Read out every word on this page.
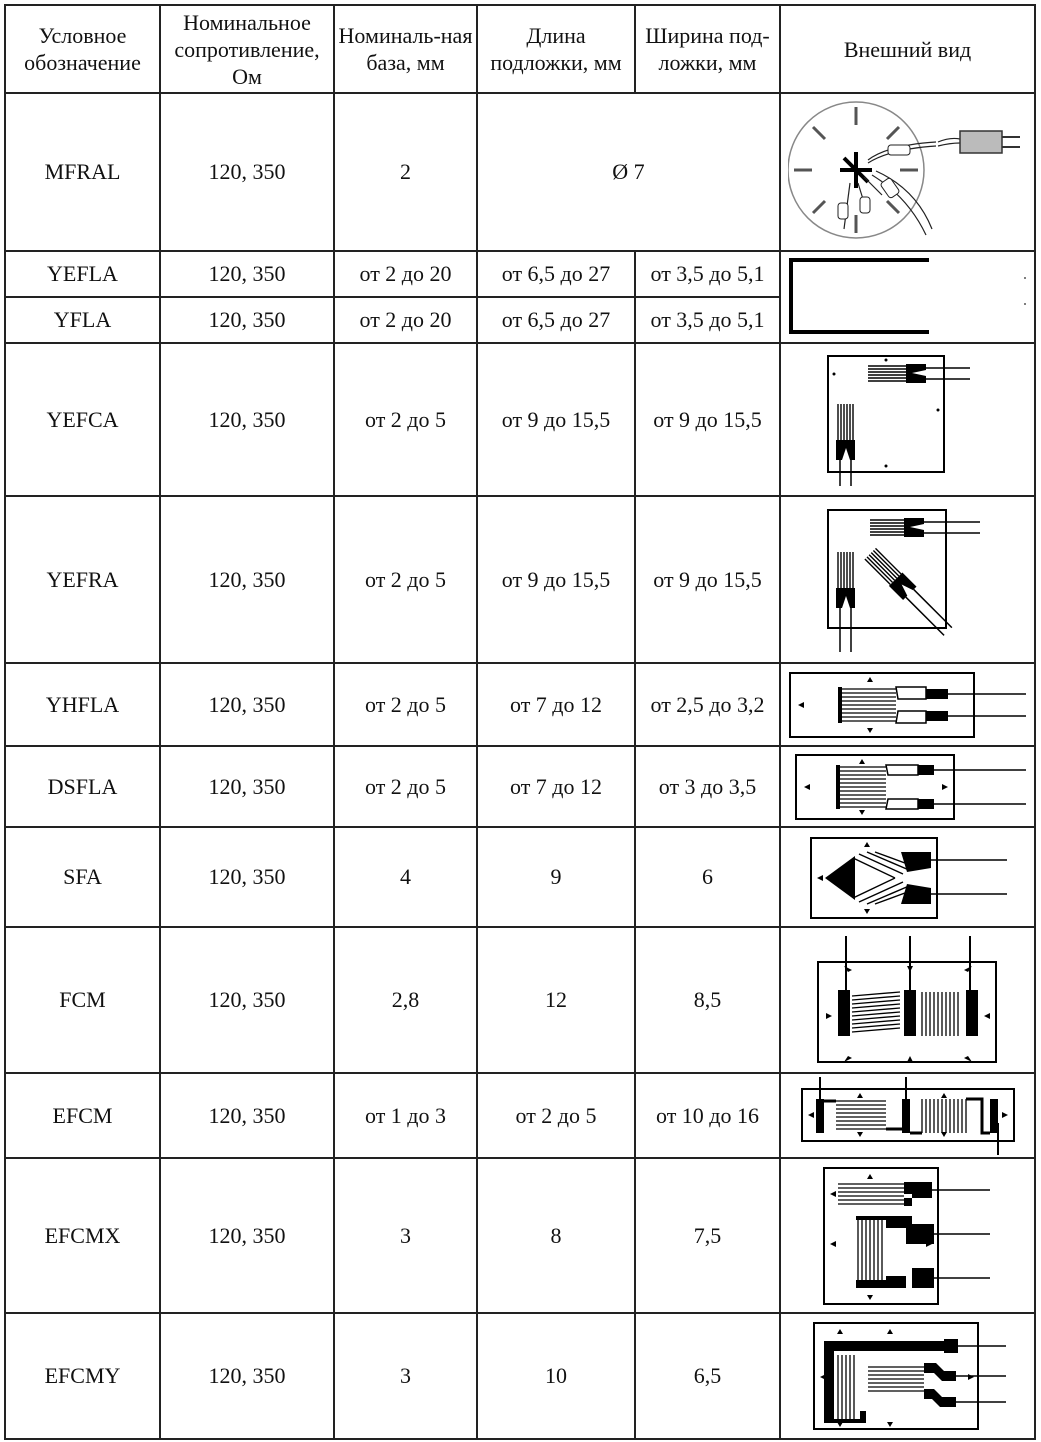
Условное обозначение	Номинальное сопротивление, Ом	Номиналь-ная база, мм	Длина подложки, мм	Ширина под-ложки, мм	Внешний вид
MFRAL	120, 350	2	Ø 7	

YEFLA	120, 350	от 2 до 20	от 6,5 до 27	от 3,5 до 5,1	

YFLA	120, 350	от 2 до 20	от 6,5 до 27	от 3,5 до 5,1	
YEFCA	120, 350	от 2 до 5	от 9 до 15,5	от 9 до 15,5	

YEFRA	120, 350	от 2 до 5	от 9 до 15,5	от 9 до 15,5	

YHFLA	120, 350	от 2 до 5	от 7 до 12	от 2,5 до 3,2	

DSFLA	120, 350	от 2 до 5	от 7 до 12	от 3 до 3,5	

SFA	120, 350	4	9	6	

FCM	120, 350	2,8	12	8,5	

EFCM	120, 350	от 1 до 3	от 2 до 5	от 10 до 16	

EFCMX	120, 350	3	8	7,5	

EFCMY	120, 350	3	10	6,5	
